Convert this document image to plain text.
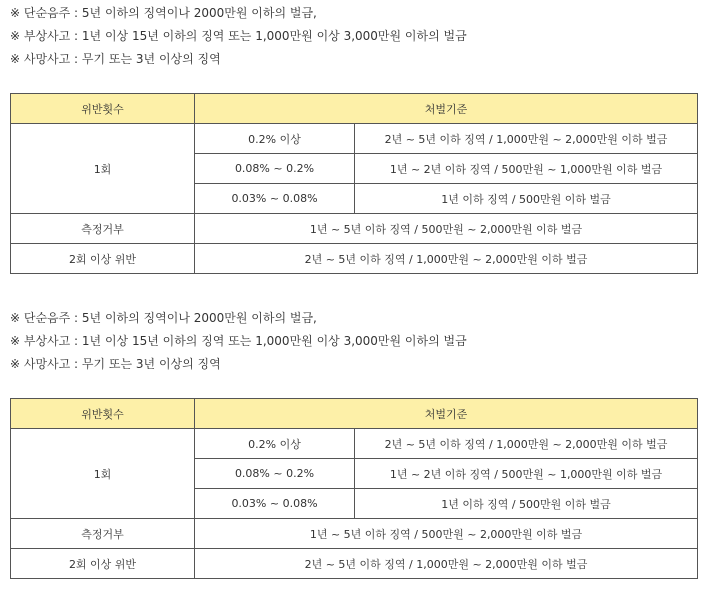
※ 단순음주 : 5년 이하의 징역이나 2000만원 이하의 벌금,
※ 부상사고 : 1년 이상 15년 이하의 징역 또는 1,000만원 이상 3,000만원 이하의 벌금
※ 사망사고 : 무기 또는 3년 이상의 징역
위반횟수	처벌기준	
1회	0.2% 이상	2년 ~ 5년 이하 징역 / 1,000만원 ~ 2,000만원 이하 벌금
	0.08% ~ 0.2%	1년 ~ 2년 이하 징역 / 500만원 ~ 1,000만원 이하 벌금
	0.03% ~ 0.08%	1년 이하 징역 / 500만원 이하 벌금
측정거부	1년 ~ 5년 이하 징역 / 500만원 ~ 2,000만원 이하 벌금	
2회 이상 위반	2년 ~ 5년 이하 징역 / 1,000만원 ~ 2,000만원 이하 벌금	
※ 단순음주 : 5년 이하의 징역이나 2000만원 이하의 벌금,
※ 부상사고 : 1년 이상 15년 이하의 징역 또는 1,000만원 이상 3,000만원 이하의 벌금
※ 사망사고 : 무기 또는 3년 이상의 징역
위반횟수	처벌기준	
1회	0.2% 이상	2년 ~ 5년 이하 징역 / 1,000만원 ~ 2,000만원 이하 벌금
	0.08% ~ 0.2%	1년 ~ 2년 이하 징역 / 500만원 ~ 1,000만원 이하 벌금
	0.03% ~ 0.08%	1년 이하 징역 / 500만원 이하 벌금
측정거부	1년 ~ 5년 이하 징역 / 500만원 ~ 2,000만원 이하 벌금	
2회 이상 위반	2년 ~ 5년 이하 징역 / 1,000만원 ~ 2,000만원 이하 벌금	
